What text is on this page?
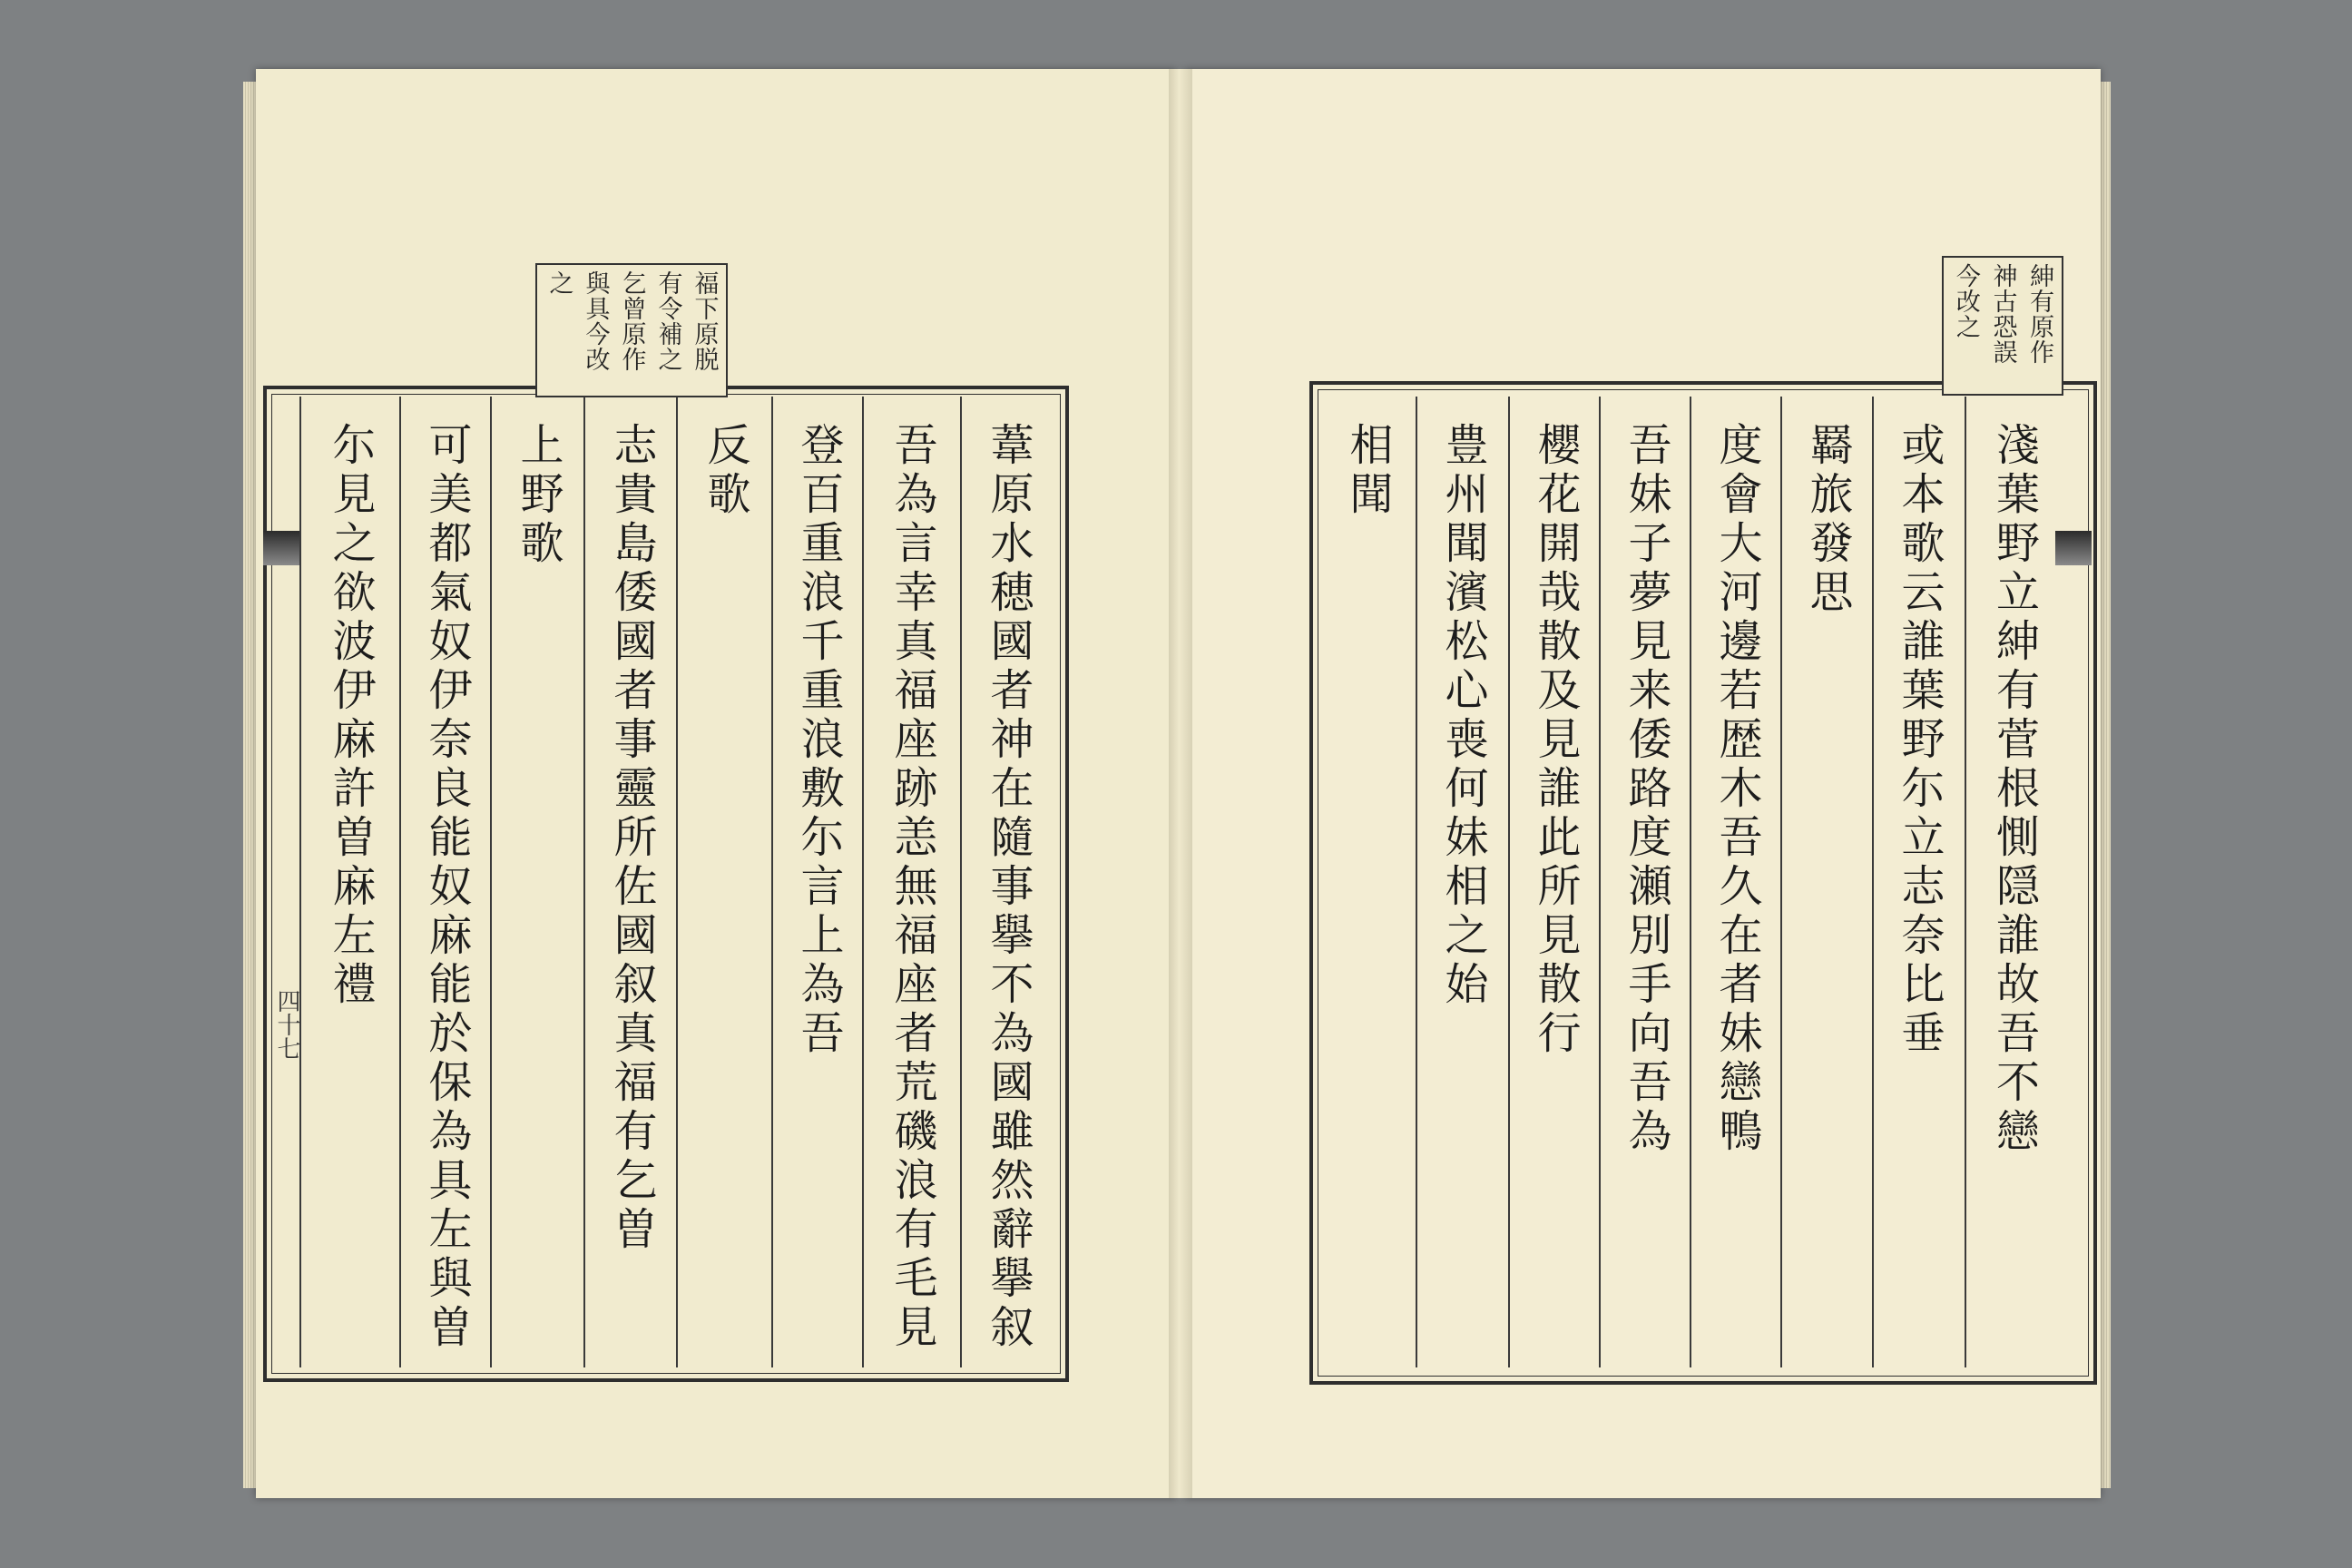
福下原脱
有令補之
乞曾原作
與具今改
之
葦原水穂國者神在隨事擧不為國雖然辭擧叙
吾為言幸真福座跡恙無福座者荒磯浪有毛見
登百重浪千重浪敷尓言上為吾
反歌
志貴島倭國者事靈所佐國叙真福有乞曽
上野歌
可美都氣奴伊奈良能奴麻能於保為具左與曽
尓見之欲波伊麻許曽麻左禮
四十七
紳有原作
神古恐誤
今改之
淺葉野立紳有菅根惻隠誰故吾不戀
或本歌云誰葉野尓立志奈比垂
羇旅發思
度會大河邊若歴木吾久在者妹戀鴨
吾妹子夢見来倭路度瀬別手向吾為
櫻花開哉散及見誰此所見散行
豊州聞濱松心喪何妹相之始
相聞
